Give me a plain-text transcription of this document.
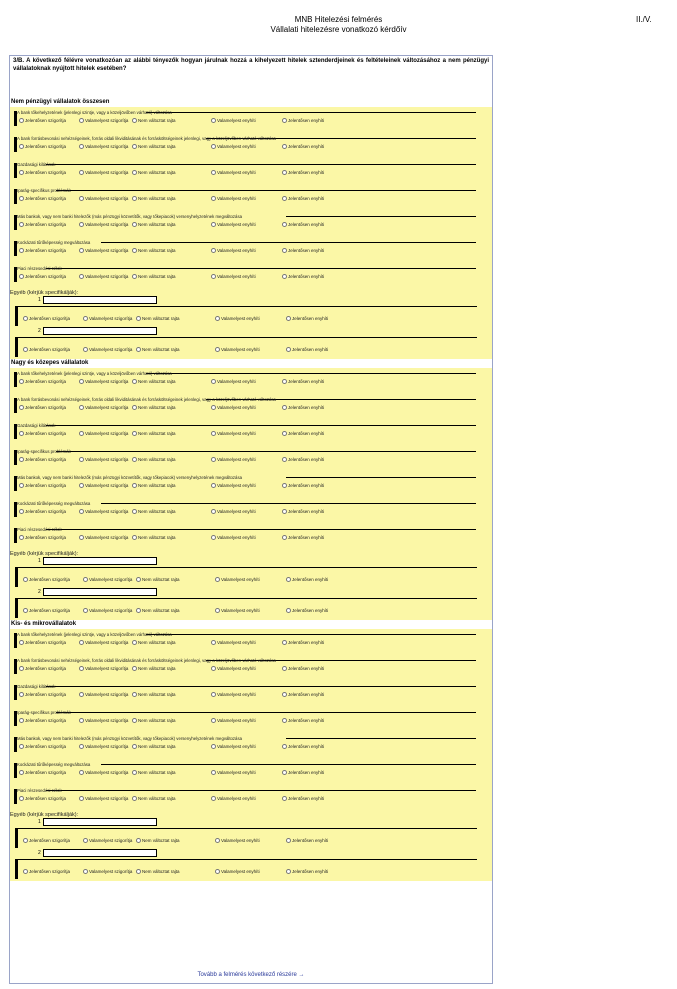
MNB Hitelezési felmérés
Vállalati hitelezésre vonatkozó kérdőív
II./V.
3/B. A következő félévre vonatkozóan az alábbi tényezők hogyan járulnak hozzá a kihelyezett hitelek sztenderdjeinek és feltételeinek változásához a nem pénzügyi vállalatoknak nyújtott hitelek esetében?
Nem pénzügyi vállalatok összesen
A bank tőkehelyzetének (jelenlegi szintje, vagy a közeljövőben várható) változása
Jelentősen szigorítja	Valamelyest szigorítja Nem változtat rajta	Valamelyest enyhíti	Jelentősen enyhíti
A bank forrásbevonási nehézségeinek, forrás oldali likviditásának és forrásköltségeinek jelenlegi, vagy a közeljövőben várható változása
Jelentősen szigorítja	Valamelyest szigorítja Nem változtat rajta	Valamelyest enyhíti	Jelentősen enyhíti
Gazdasági kilátások
Jelentősen szigorítja	Valamelyest szigorítja Nem változtat rajta	Valamelyest enyhíti	Jelentősen enyhíti
Iparág-specifikus problémák
Jelentősen szigorítja	Valamelyest szigorítja Nem változtat rajta	Valamelyest enyhíti	Jelentősen enyhíti
Más bankok, vagy nem banki hitelezők (más pénzügyi közvetítők, vagy tőkepiacok) versenyhelyzetének megváltozása
Jelentősen szigorítja	Valamelyest szigorítja Nem változtat rajta	Valamelyest enyhíti	Jelentősen enyhíti
Kockázati tűrőképesség megváltozása
Jelentősen szigorítja	Valamelyest szigorítja Nem változtat rajta	Valamelyest enyhíti	Jelentősen enyhíti
Piaci részesedési célok
Jelentősen szigorítja	Valamelyest szigorítja Nem változtat rajta	Valamelyest enyhíti	Jelentősen enyhíti
Egyéb (kérjük specifikálják):
1
Jelentősen szigorítja	Valamelyest szigorítja Nem változtat rajta	Valamelyest enyhíti	Jelentősen enyhíti
2
Jelentősen szigorítja	Valamelyest szigorítja Nem változtat rajta	Valamelyest enyhíti	Jelentősen enyhíti
Nagy és közepes vállalatok
A bank tőkehelyzetének (jelenlegi szintje, vagy a közeljövőben várható) változása
Jelentősen szigorítja	Valamelyest szigorítja Nem változtat rajta	Valamelyest enyhíti	Jelentősen enyhíti
A bank forrásbevonási nehézségeinek, forrás oldali likviditásának és forrásköltségeinek jelenlegi, vagy a közeljövőben várható változása
Jelentősen szigorítja	Valamelyest szigorítja Nem változtat rajta	Valamelyest enyhíti	Jelentősen enyhíti
Gazdasági kilátások
Jelentősen szigorítja	Valamelyest szigorítja Nem változtat rajta	Valamelyest enyhíti	Jelentősen enyhíti
Iparág-specifikus problémák
Jelentősen szigorítja	Valamelyest szigorítja Nem változtat rajta	Valamelyest enyhíti	Jelentősen enyhíti
Más bankok, vagy nem banki hitelezők (más pénzügyi közvetítők, vagy tőkepiacok) versenyhelyzetének megváltozása
Jelentősen szigorítja	Valamelyest szigorítja Nem változtat rajta	Valamelyest enyhíti	Jelentősen enyhíti
Kockázati tűrőképesség megváltozása
Jelentősen szigorítja	Valamelyest szigorítja Nem változtat rajta	Valamelyest enyhíti	Jelentősen enyhíti
Piaci részesedési célok
Jelentősen szigorítja	Valamelyest szigorítja Nem változtat rajta	Valamelyest enyhíti	Jelentősen enyhíti
Egyéb (kérjük specifikálják):
1
Jelentősen szigorítja	Valamelyest szigorítja Nem változtat rajta	Valamelyest enyhíti	Jelentősen enyhíti
2
Jelentősen szigorítja	Valamelyest szigorítja Nem változtat rajta	Valamelyest enyhíti	Jelentősen enyhíti
Kis- és mikrovállalatok
A bank tőkehelyzetének (jelenlegi szintje, vagy a közeljövőben várható) változása
Jelentősen szigorítja	Valamelyest szigorítja Nem változtat rajta	Valamelyest enyhíti	Jelentősen enyhíti
A bank forrásbevonási nehézségeinek, forrás oldali likviditásának és forrásköltségeinek jelenlegi, vagy a közeljövőben várható változása
Jelentősen szigorítja	Valamelyest szigorítja Nem változtat rajta	Valamelyest enyhíti	Jelentősen enyhíti
Gazdasági kilátások
Jelentősen szigorítja	Valamelyest szigorítja Nem változtat rajta	Valamelyest enyhíti	Jelentősen enyhíti
Iparág-specifikus problémák
Jelentősen szigorítja	Valamelyest szigorítja Nem változtat rajta	Valamelyest enyhíti	Jelentősen enyhíti
Más bankok, vagy nem banki hitelezők (más pénzügyi közvetítők, vagy tőkepiacok) versenyhelyzetének megváltozása
Jelentősen szigorítja	Valamelyest szigorítja Nem változtat rajta	Valamelyest enyhíti	Jelentősen enyhíti
Kockázati tűrőképesség megváltozása
Jelentősen szigorítja	Valamelyest szigorítja Nem változtat rajta	Valamelyest enyhíti	Jelentősen enyhíti
Piaci részesedési célok
Jelentősen szigorítja	Valamelyest szigorítja Nem változtat rajta	Valamelyest enyhíti	Jelentősen enyhíti
Egyéb (kérjük specifikálják):
1
Jelentősen szigorítja	Valamelyest szigorítja Nem változtat rajta	Valamelyest enyhíti	Jelentősen enyhíti
2
Jelentősen szigorítja	Valamelyest szigorítja Nem változtat rajta	Valamelyest enyhíti	Jelentősen enyhíti
Tovább a felmérés következő részére →
